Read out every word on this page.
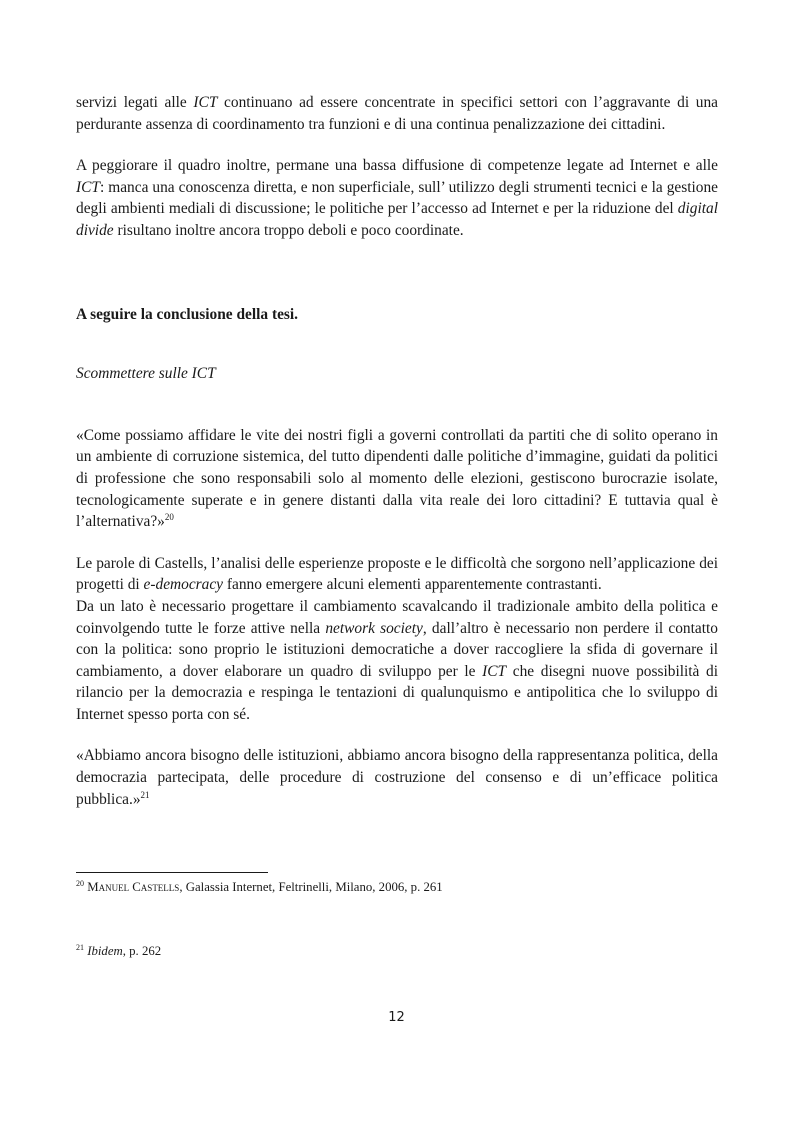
servizi legati alle ICT continuano ad essere concentrate in specifici settori con l’aggravante di una perdurante assenza di coordinamento tra funzioni e di una continua penalizzazione dei cittadini.

A peggiorare il quadro inoltre, permane una bassa diffusione di competenze legate ad Internet e alle ICT: manca una conoscenza diretta, e non superficiale, sull’ utilizzo degli strumenti tecnici e la gestione degli ambienti mediali di discussione; le politiche per l’accesso ad Internet e per la riduzione del digital divide risultano inoltre ancora troppo deboli e poco coordinate.

A seguire la conclusione della tesi.

Scommettere sulle ICT

«Come possiamo affidare le vite dei nostri figli a governi controllati da partiti che di solito operano in un ambiente di corruzione sistemica, del tutto dipendenti dalle politiche d’immagine, guidati da politici di professione che sono responsabili solo al momento delle elezioni, gestiscono burocrazie isolate, tecnologicamente superate e in genere distanti dalla vita reale dei loro cittadini? E tuttavia qual è l’alternativa?»$^{20}$

Le parole di Castells, l’analisi delle esperienze proposte e le difficoltà che sorgono nell’applicazione dei progetti di e-democracy fanno emergere alcuni elementi apparentemente contrastanti.

Da un lato è necessario progettare il cambiamento scavalcando il tradizionale ambito della politica e coinvolgendo tutte le forze attive nella network society, dall’altro è necessario non perdere il contatto con la politica: sono proprio le istituzioni democratiche a dover raccogliere la sfida di governare il cambiamento, a dover elaborare un quadro di sviluppo per le ICT che disegni nuove possibilità di rilancio per la democrazia e respinga le tentazioni di qualunquismo e antipolitica che lo sviluppo di Internet spesso porta con sé.

«Abbiamo ancora bisogno delle istituzioni, abbiamo ancora bisogno della rappresentanza politica, della democrazia partecipata, delle procedure di costruzione del consenso e di un’efficace politica pubblica.»$^{21}$

$^{20}$ Manuel Castells, Galassia Internet, Feltrinelli, Milano, 2006, p. 261
$^{21}$ Ibidem, p. 262
12
